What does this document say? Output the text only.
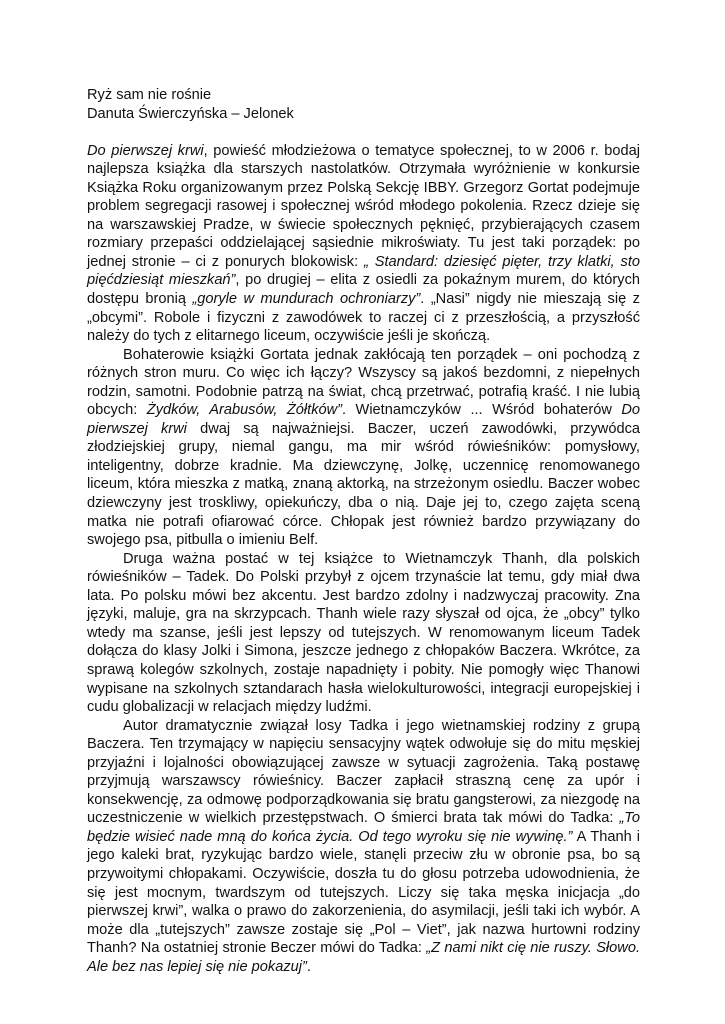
Ryż sam nie rośnie

Danuta Świerczyńska – Jelonek

Do pierwszej krwi, powieść młodzieżowa o tematyce społecznej, to w 2006 r. bodaj najlepsza książka dla starszych nastolatków. Otrzymała wyróżnienie w konkursie Książka Roku organizowanym przez Polską Sekcję IBBY. Grzegorz Gortat podejmuje problem segregacji rasowej i społecznej wśród młodego pokolenia. Rzecz dzieje się na warszawskiej Pradze, w świecie społecznych pęknięć, przybierających czasem rozmiary przepaści oddzielającej sąsiednie mikroświaty. Tu jest taki porządek: po jednej stronie – ci z ponurych blokowisk: „ Standard: dziesięć pięter, trzy klatki, sto pięćdziesiąt mieszkań”, po drugiej – elita z osiedli za pokaźnym murem, do których dostępu bronią „goryle w mundurach ochroniarzy”. „Nasi” nigdy nie mieszają się z „obcymi”. Robole i fizyczni z zawodówek to raczej ci z przeszłością, a przyszłość należy do tych z elitarnego liceum, oczywiście jeśli je skończą.

Bohaterowie książki Gortata jednak zakłócają ten porządek – oni pochodzą z różnych stron muru. Co więc ich łączy? Wszyscy są jakoś bezdomni, z niepełnych rodzin, samotni. Podobnie patrzą na świat, chcą przetrwać, potrafią kraść. I nie lubią obcych: Żydków, Arabusów, Żółtków”. Wietnamczyków ... Wśród bohaterów Do pierwszej krwi dwaj są najważniejsi. Baczer, uczeń zawodówki, przywódca złodziejskiej grupy, niemal gangu, ma mir wśród rówieśników: pomysłowy, inteligentny, dobrze kradnie. Ma dziewczynę, Jolkę, uczennicę renomowanego liceum, która mieszka z matką, znaną aktorką, na strzeżonym osiedlu. Baczer wobec dziewczyny jest troskliwy, opiekuńczy, dba o nią. Daje jej to, czego zajęta sceną matka nie potrafi ofiarować córce. Chłopak jest również bardzo przywiązany do swojego psa, pitbulla o imieniu Belf.

Druga ważna postać w tej książce to Wietnamczyk Thanh, dla polskich rówieśników – Tadek. Do Polski przybył z ojcem trzynaście lat temu, gdy miał dwa lata. Po polsku mówi bez akcentu. Jest bardzo zdolny i nadzwyczaj pracowity. Zna języki, maluje, gra na skrzypcach. Thanh wiele razy słyszał od ojca, że „obcy” tylko wtedy ma szanse, jeśli jest lepszy od tutejszych. W renomowanym liceum Tadek dołącza do klasy Jolki i Simona, jeszcze jednego z chłopaków Baczera. Wkrótce, za sprawą kolegów szkolnych, zostaje napadnięty i pobity. Nie pomogły więc Thanowi wypisane na szkolnych sztandarach hasła wielokulturowości, integracji europejskiej i cudu globalizacji w relacjach między ludźmi.

Autor dramatycznie związał losy Tadka i jego wietnamskiej rodziny z grupą Baczera. Ten trzymający w napięciu sensacyjny wątek odwołuje się do mitu męskiej przyjaźni i lojalności obowiązującej zawsze w sytuacji zagrożenia. Taką postawę przyjmują warszawscy rówieśnicy. Baczer zapłacił straszną cenę za upór i konsekwencję, za odmowę podporządkowania się bratu gangsterowi, za niezgodę na uczestniczenie w wielkich przestępstwach. O śmierci brata tak mówi do Tadka: „To będzie wisieć nade mną do końca życia. Od tego wyroku się nie wywinę.” A Thanh i jego kaleki brat, ryzykując bardzo wiele, stanęli przeciw złu w obronie psa, bo są przywoitymi chłopakami. Oczywiście, doszła tu do głosu potrzeba udowodnienia, że się jest mocnym, twardszym od tutejszych. Liczy się taka męska inicjacja „do pierwszej krwi”, walka o prawo do zakorzenienia, do asymilacji, jeśli taki ich wybór. A może dla „tutejszych” zawsze zostaje się „Pol – Viet”, jak nazwa hurtowni rodziny Thanh? Na ostatniej stronie Beczer mówi do Tadka: „Z nami nikt cię nie ruszy. Słowo. Ale bez nas lepiej się nie pokazuj”.
